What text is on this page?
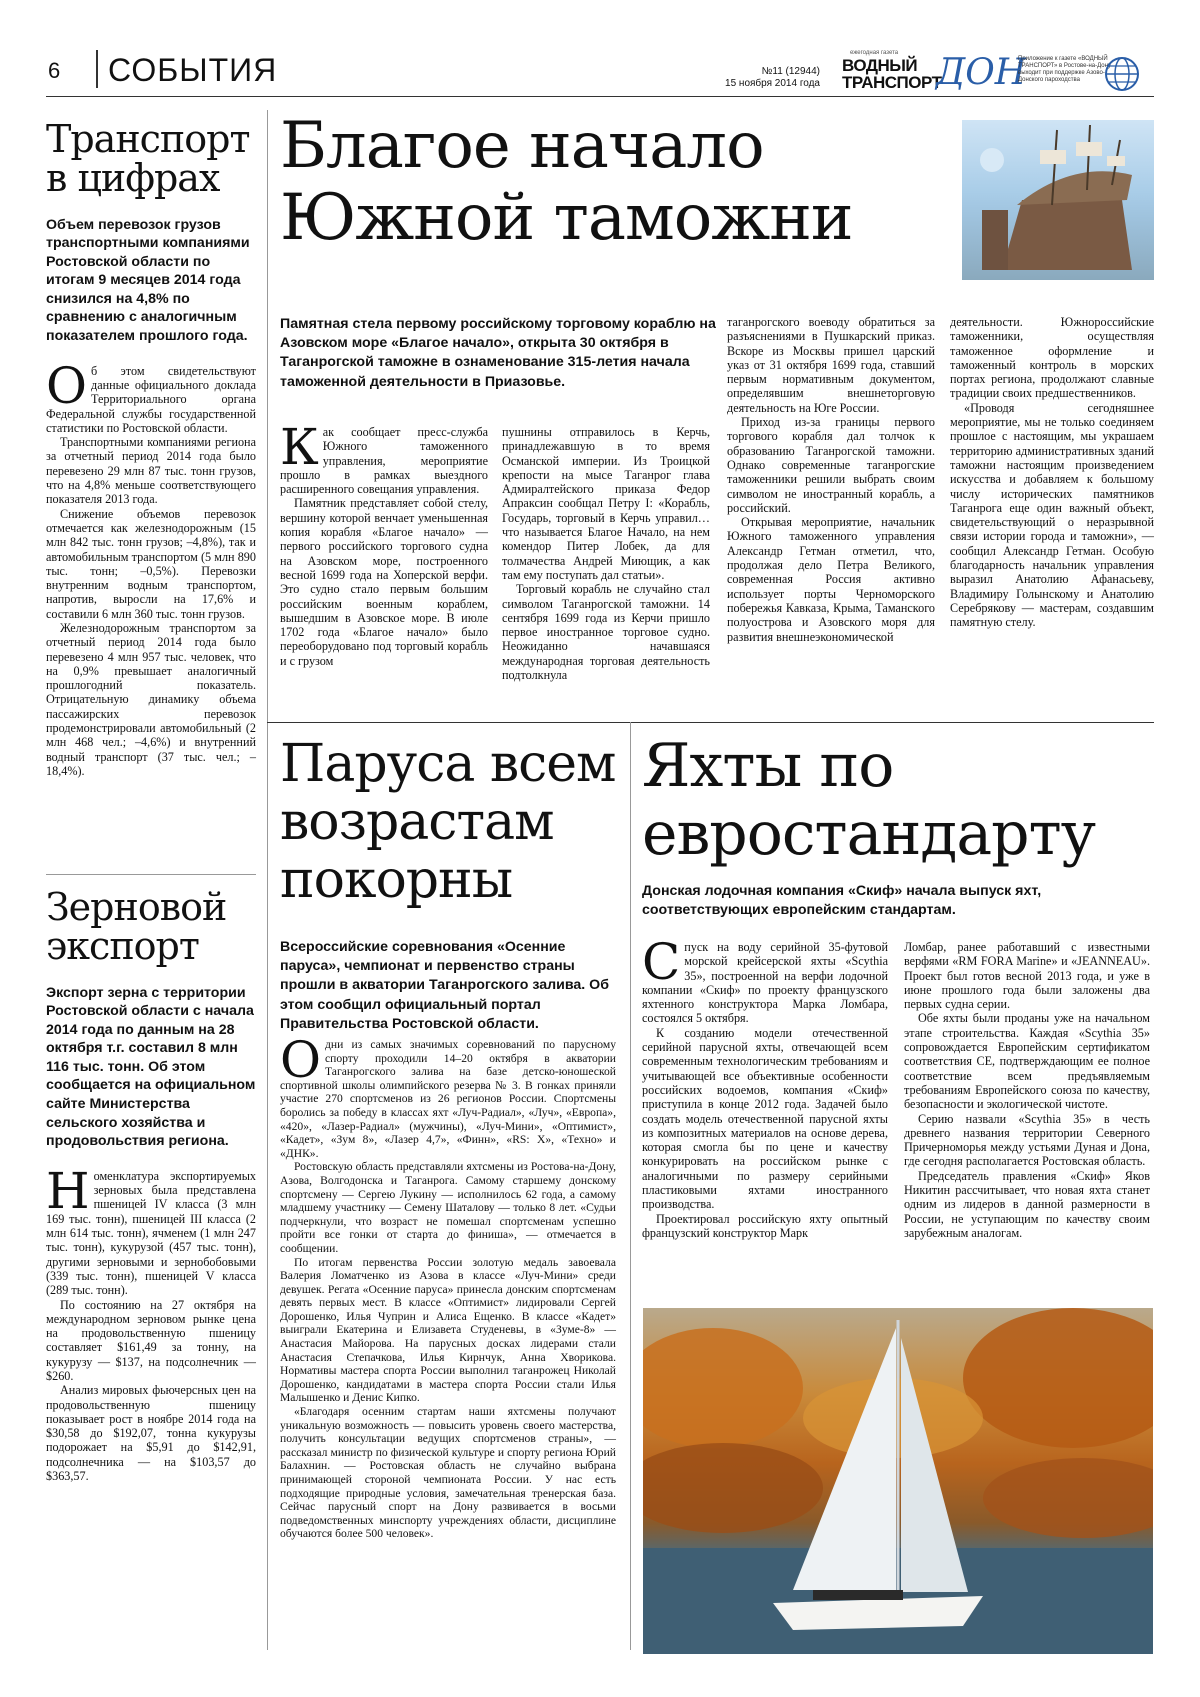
6 СОБЫТИЯ	№11 (12944)
15 ноября 2014 года
ежегодная газета
ВОДНЫЙ
ТРАНСПОРТ
ДОН
Приложение к газете «ВОДНЫЙ ТРАНСПОРТ» в Ростове-на-Дону выходит при поддержке Азово-Донского пароходства
Транспорт в цифрах
Объем перевозок грузов транспортными компаниями Ростовской области по итогам 9 месяцев 2014 года снизился на 4,8% по сравнению с аналогичным показателем прошлого года.

Об этом свидетельствуют данные официального доклада Территориального органа Федеральной службы государственной статистики по Ростовской области.

Транспортными компаниями региона за отчетный период 2014 года было перевезено 29 млн 87 тыс. тонн грузов, что на 4,8% меньше соответствующего показателя 2013 года.

Снижение объемов перевозок отмечается как железнодорожным (15 млн 842 тыс. тонн грузов; –4,8%), так и автомобильным транспортом (5 млн 890 тыс. тонн; –0,5%). Перевозки внутренним водным транспортом, напротив, выросли на 17,6% и составили 6 млн 360 тыс. тонн грузов.

Железнодорожным транспортом за отчетный период 2014 года было перевезено 4 млн 957 тыс. человек, что на 0,9% превышает аналогичный прошлогодний показатель. Отрицательную динамику объема пассажирских перевозок продемонстрировали автомобильный (2 млн 468 чел.; –4,6%) и внутренний водный транспорт (37 тыс. чел.; –18,4%).

Зерновой экспорт
Экспорт зерна с территории Ростовской области с начала 2014 года по данным на 28 октября т.г. составил 8 млн 116 тыс. тонн. Об этом сообщается на официальном сайте Министерства сельского хозяйства и продовольствия региона.

Номенклатура экспортируемых зерновых была представлена пшеницей IV класса (3 млн 169 тыс. тонн), пшеницей III класса (2 млн 614 тыс. тонн), ячменем (1 млн 247 тыс. тонн), кукурузой (457 тыс. тонн), другими зерновыми и зернобобовыми (339 тыс. тонн), пшеницей V класса (289 тыс. тонн).

По состоянию на 27 октября на международном зерновом рынке цена на продовольственную пшеницу составляет $161,49 за тонну, на кукурузу — $137, на подсолнечник — $260.

Анализ мировых фьючерсных цен на продовольственную пшеницу показывает рост в ноябре 2014 года на $30,58 до $192,07, тонна кукурузы подорожает на $5,91 до $142,91, подсолнечника — на $103,57 до $363,57.

Благое начало Южной таможни
Памятная стела первому российскому торговому кораблю на Азовском море «Благое начало», открыта 30 октября в Таганрогской таможне в ознаменование 315-летия начала таможенной деятельности в Приазовье.

Как сообщает пресс-служба Южного таможенного управления, мероприятие прошло в рамках выездного расширенного совещания управления.

Памятник представляет собой стелу, вершину которой венчает уменьшенная копия корабля «Благое начало» — первого российского торгового судна на Азовском море, построенного весной 1699 года на Хоперской верфи. Это судно стало первым большим российским военным кораблем, вышедшим в Азовское море. В июле 1702 года «Благое начало» было переоборудовано под торговый корабль и с грузом

пушнины отправилось в Керчь, принадлежавшую в то время Османской империи. Из Троицкой крепости на мысе Таганрог глава Адмиралтейского приказа Федор Апраксин сообщал Петру I: «Корабль, Государь, торговый в Керчь управил… что называется Благое Начало, на нем комендор Питер Лобек, да для толмачества Андрей Миющик, а как там ему поступать дал статьи».

Торговый корабль не случайно стал символом Таганрогской таможни. 14 сентября 1699 года из Керчи пришло первое иностранное торговое судно. Неожиданно начавшаяся международная торговая деятельность подтолкнула

таганрогского воеводу обратиться за разъяснениями в Пушкарский приказ. Вскоре из Москвы пришел царский указ от 31 октября 1699 года, ставший первым нормативным документом, определявшим внешнеторговую деятельность на Юге России.

Приход из-за границы первого торгового корабля дал толчок к образованию Таганрогской таможни. Однако современные таганрогские таможенники решили выбрать своим символом не иностранный корабль, а российский.

Открывая мероприятие, начальник Южного таможенного управления Александр Гетман отметил, что, продолжая дело Петра Великого, современная Россия активно использует порты Черноморского побережья Кавказа, Крыма, Таманского полуострова и Азовского моря для развития внешнеэкономической

деятельности. Южнороссийские таможенники, осуществляя таможенное оформление и таможенный контроль в морских портах региона, продолжают славные традиции своих предшественников.

«Проводя сегодняшнее мероприятие, мы не только соединяем прошлое с настоящим, мы украшаем территорию административных зданий таможни настоящим произведением искусства и добавляем к большому числу исторических памятников Таганрога еще один важный объект, свидетельствующий о неразрывной связи истории города и таможни», — сообщил Александр Гетман. Особую благодарность начальник управления выразил Анатолию Афанасьеву, Владимиру Голынскому и Анатолию Серебрякову — мастерам, создавшим памятную стелу.

Паруса всем возрастам покорны
Всероссийские соревнования «Осенние паруса», чемпионат и первенство страны прошли в акватории Таганрогского залива. Об этом сообщил официальный портал Правительства Ростовской области.

Одни из самых значимых соревнований по парусному спорту проходили 14–20 октября в акватории Таганрогского залива на базе детско-юношеской спортивной школы олимпийского резерва № 3. В гонках приняли участие 270 спортсменов из 26 регионов России. Спортсмены боролись за победу в классах яхт «Луч-Радиал», «Луч», «Европа», «420», «Лазер-Радиал» (мужчины), «Луч-Мини», «Оптимист», «Кадет», «Зум 8», «Лазер 4,7», «Финн», «RS: X», «Техно» и «ДНК».

Ростовскую область представляли яхтсмены из Ростова-на-Дону, Азова, Волгодонска и Таганрога. Самому старшему донскому спортсмену — Сергею Лукину — исполнилось 62 года, а самому младшему участнику — Семену Шаталову — только 8 лет. «Судьи подчеркнули, что возраст не помешал спортсменам успешно пройти все гонки от старта до финиша», — отмечается в сообщении.

По итогам первенства России золотую медаль завоевала Валерия Ломатченко из Азова в классе «Луч-Мини» среди девушек. Регата «Осенние паруса» принесла донским спортсменам девять первых мест. В классе «Оптимист» лидировали Сергей Дорошенко, Илья Чуприн и Алиса Ещенко. В классе «Кадет» выиграли Екатерина и Елизавета Студеневы, в «Зуме-8» — Анастасия Майорова. На парусных досках лидерами стали Анастасия Степачкова, Илья Кирнчук, Анна Хворикова. Нормативы мастера спорта России выполнил таганрожец Николай Дорошенко, кандидатами в мастера спорта России стали Илья Малышенко и Денис Кипко.

«Благодаря осенним стартам наши яхтсмены получают уникальную возможность — повысить уровень своего мастерства, получить консультации ведущих спортсменов страны», — рассказал министр по физической культуре и спорту региона Юрий Балахнин. — Ростовская область не случайно выбрана принимающей стороной чемпионата России. У нас есть подходящие природные условия, замечательная тренерская база. Сейчас парусный спорт на Дону развивается в восьми подведомственных минспорту учреждениях области, дисциплине обучаются более 500 человек».

Яхты по евростандарту
Донская лодочная компания «Скиф» начала выпуск яхт, соответствующих европейским стандартам.

Спуск на воду серийной 35-футовой морской крейсерской яхты «Scythia 35», построенной на верфи лодочной компании «Скиф» по проекту французского яхтенного конструктора Марка Ломбара, состоялся 5 октября.

К созданию модели отечественной серийной парусной яхты, отвечающей всем современным технологическим требованиям и учитывающей все объективные особенности российских водоемов, компания «Скиф» приступила в конце 2012 года. Задачей было создать модель отечественной парусной яхты из композитных материалов на основе дерева, которая смогла бы по цене и качеству конкурировать на российском рынке с аналогичными по размеру серийными пластиковыми яхтами иностранного производства.

Проектировал российскую яхту опытный французский конструктор Марк

Ломбар, ранее работавший с известными верфями «RM FORA Marine» и «JEANNEAU». Проект был готов весной 2013 года, и уже в июне прошлого года были заложены два первых судна серии.

Обе яхты были проданы уже на начальном этапе строительства. Каждая «Scythia 35» сопровождается Европейским сертификатом соответствия CE, подтверждающим ее полное соответствие всем предъявляемым требованиям Европейского союза по качеству, безопасности и экологической чистоте.

Серию назвали «Scythia 35» в честь древнего названия территории Северного Причерноморья между устьями Дуная и Дона, где сегодня располагается Ростовская область.

Председатель правления «Скиф» Яков Никитин рассчитывает, что новая яхта станет одним из лидеров в данной размерности в России, не уступающим по качеству своим зарубежным аналогам.
